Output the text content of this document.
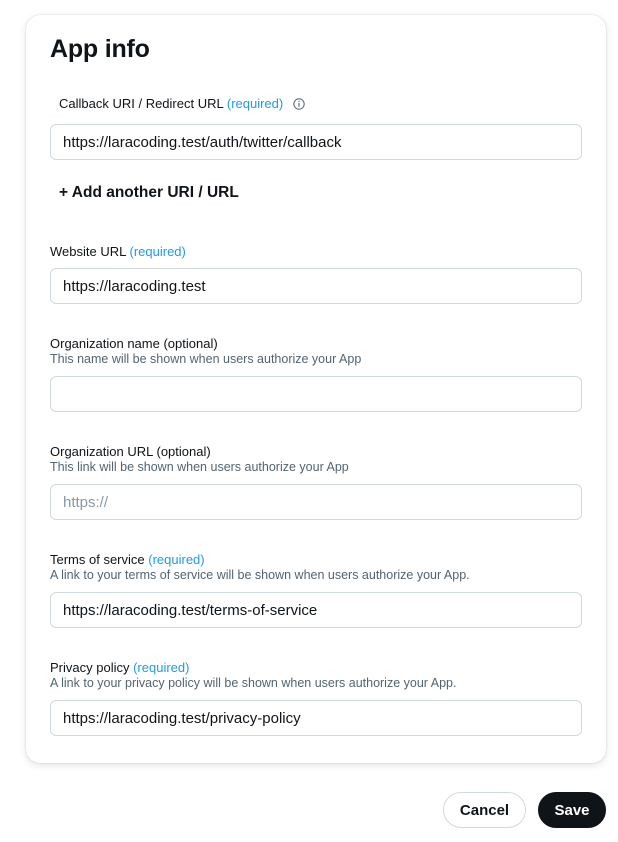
App info
Callback URI / Redirect URL (required)
https://laracoding.test/auth/twitter/callback
+ Add another URI / URL
Website URL (required)
https://laracoding.test
Organization name (optional)
This name will be shown when users authorize your App
Organization URL (optional)
This link will be shown when users authorize your App
https://
Terms of service (required)
A link to your terms of service will be shown when users authorize your App.
https://laracoding.test/terms-of-service
Privacy policy (required)
A link to your privacy policy will be shown when users authorize your App.
https://laracoding.test/privacy-policy
Cancel	Save
